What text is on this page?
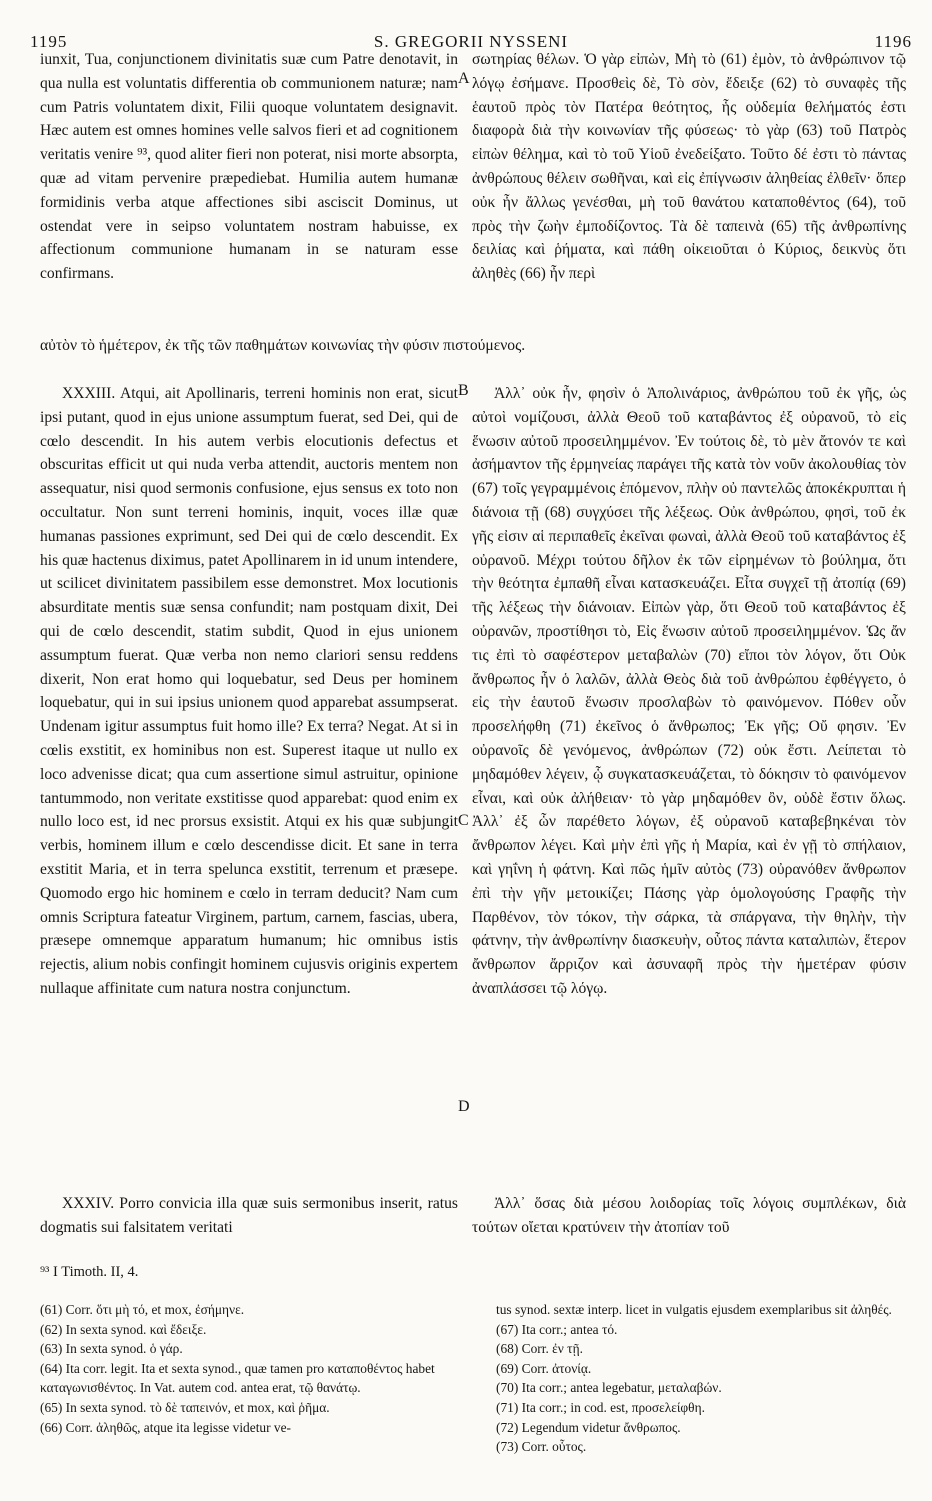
1195	S. GREGORII NYSSENI	1196

iunxit, Tua, conjunctionem divinitatis suæ cum Patre denotavit, in qua nulla est voluntatis differentia ob communionem naturæ; nam cum Patris voluntatem dixit, Filii quoque voluntatem designavit. Hæc autem est omnes homines velle salvos fieri et ad cognitionem veritatis venire ⁹³, quod aliter fieri non poterat, nisi morte absorpta, quæ ad vitam pervenire præpediebat. Humilia autem humanæ formidinis verba atque affectiones sibi asciscit Dominus, ut ostendat vere in seipso voluntatem nostram habuisse, ex affectionum communione humanam in se naturam esse confirmans.

σωτηρίας θέλων. Ὁ γὰρ εἰπὼν, Μὴ τὸ (61) ἐμὸν, τὸ ἀνθρώπινον τῷ λόγῳ ἐσήμανε. Προσθεὶς δὲ, Τὸ σὸν, ἔδειξε (62) τὸ συναφὲς τῆς ἑαυτοῦ πρὸς τὸν Πατέρα θεότητος, ἧς οὐδεμία θελήματός ἐστι διαφορὰ διὰ τὴν κοινωνίαν τῆς φύσεως· τὸ γὰρ (63) τοῦ Πατρὸς εἰπὼν θέλημα, καὶ τὸ τοῦ Υἱοῦ ἐνεδείξατο. Τοῦτο δέ ἐστι τὸ πάντας ἀνθρώπους θέλειν σωθῆναι, καὶ εἰς ἐπίγνωσιν ἀληθείας ἐλθεῖν· ὅπερ οὐκ ἦν ἄλλως γενέσθαι, μὴ τοῦ θανάτου καταποθέντος (64), τοῦ πρὸς τὴν ζωὴν ἐμποδίζοντος. Τὰ δὲ ταπεινὰ (65) τῆς ἀνθρωπίνης δειλίας καὶ ῥήματα, καὶ πάθη οἰκειοῦται ὁ Κύριος, δεικνὺς ὅτι ἀληθὲς (66) ἦν περὶ

αὐτὸν τὸ ἡμέτερον, ἐκ τῆς τῶν παθημάτων κοινωνίας τὴν φύσιν πιστούμενος.

XXXIII. Atqui, ait Apollinaris, terreni hominis non erat, sicut ipsi putant, quod in ejus unione assumptum fuerat, sed Dei, qui de cœlo descendit. In his autem verbis elocutionis defectus et obscuritas efficit ut qui nuda verba attendit, auctoris mentem non assequatur, nisi quod sermonis confusione, ejus sensus ex toto non occultatur. Non sunt terreni hominis, inquit, voces illæ quæ humanas passiones exprimunt, sed Dei qui de cœlo descendit. Ex his quæ hactenus diximus, patet Apollinarem in id unum intendere, ut scilicet divinitatem passibilem esse demonstret. Mox locutionis absurditate mentis suæ sensa confundit; nam postquam dixit, Dei qui de cœlo descendit, statim subdit, Quod in ejus unionem assumptum fuerat. Quæ verba non nemo clariori sensu reddens dixerit, Non erat homo qui loquebatur, sed Deus per hominem loquebatur, qui in sui ipsius unionem quod apparebat assumpserat. Undenam igitur assumptus fuit homo ille? Ex terra? Negat. At si in cœlis exstitit, ex hominibus non est. Superest itaque ut nullo ex loco advenisse dicat; qua cum assertione simul astruitur, opinione tantummodo, non veritate exstitisse quod apparebat: quod enim ex nullo loco est, id nec prorsus exsistit. Atqui ex his quæ subjungit verbis, hominem illum e cœlo descendisse dicit. Et sane in terra exstitit Maria, et in terra spelunca exstitit, terrenum et præsepe. Quomodo ergo hic hominem e cœlo in terram deducit? Nam cum omnis Scriptura fateatur Virginem, partum, carnem, fascias, ubera, præsepe omnemque apparatum humanum; hic omnibus istis rejectis, alium nobis confingit hominem cujusvis originis expertem nullaque affinitate cum natura nostra conjunctum.

Ἀλλ᾽ οὐκ ἦν, φησὶν ὁ Ἀπολινάριος, ἀνθρώπου τοῦ ἐκ γῆς, ὡς αὐτοὶ νομίζουσι, ἀλλὰ Θεοῦ τοῦ καταβάντος ἐξ οὐρανοῦ, τὸ εἰς ἕνωσιν αὐτοῦ προσειλημμένον. Ἐν τούτοις δὲ, τὸ μὲν ἄτονόν τε καὶ ἀσήμαντον τῆς ἑρμηνείας παράγει τῆς κατὰ τὸν νοῦν ἀκολουθίας τὸν (67) τοῖς γεγραμμένοις ἑπόμενον, πλὴν οὐ παντελῶς ἀποκέκρυπται ἡ διάνοια τῇ (68) συγχύσει τῆς λέξεως. Οὐκ ἀνθρώπου, φησὶ, τοῦ ἐκ γῆς εἰσιν αἱ περιπαθεῖς ἐκεῖναι φωναὶ, ἀλλὰ Θεοῦ τοῦ καταβάντος ἐξ οὐρανοῦ. Μέχρι τούτου δῆλον ἐκ τῶν εἰρημένων τὸ βούλημα, ὅτι τὴν θεότητα ἐμπαθῆ εἶναι κατασκευάζει. Εἶτα συγχεῖ τῇ ἀτοπίᾳ (69) τῆς λέξεως τὴν διάνοιαν. Εἰπὼν γὰρ, ὅτι Θεοῦ τοῦ καταβάντος ἐξ οὐρανῶν, προστίθησι τὸ, Εἰς ἕνωσιν αὐτοῦ προσειλημμένον. Ὡς ἄν τις ἐπὶ τὸ σαφέστερον μεταβαλὼν (70) εἴποι τὸν λόγον, ὅτι Οὐκ ἄνθρωπος ἦν ὁ λαλῶν, ἀλλὰ Θεὸς διὰ τοῦ ἀνθρώπου ἐφθέγγετο, ὁ εἰς τὴν ἑαυτοῦ ἕνωσιν προσλαβὼν τὸ φαινόμενον. Πόθεν οὖν προσελήφθη (71) ἐκεῖνος ὁ ἄνθρωπος; Ἐκ γῆς; Οὔ φησιν. Ἐν οὐρανοῖς δὲ γενόμενος, ἀνθρώπων (72) οὐκ ἔστι. Λείπεται τὸ μηδαμόθεν λέγειν, ᾧ συγκατασκευάζεται, τὸ δόκησιν τὸ φαινόμενον εἶναι, καὶ οὐκ ἀλήθειαν· τὸ γὰρ μηδαμόθεν ὂν, οὐδὲ ἔστιν ὅλως. Ἀλλ᾽ ἐξ ὧν παρέθετο λόγων, ἐξ οὐρανοῦ καταβεβηκέναι τὸν ἄνθρωπον λέγει. Καὶ μὴν ἐπὶ γῆς ἡ Μαρία, καὶ ἐν γῇ τὸ σπήλαιον, καὶ γηΐνη ἡ φάτνη. Καὶ πῶς ἡμῖν αὐτὸς (73) οὐρανόθεν ἄνθρωπον ἐπὶ τὴν γῆν μετοικίζει; Πάσης γὰρ ὁμολογούσης Γραφῆς τὴν Παρθένον, τὸν τόκον, τὴν σάρκα, τὰ σπάργανα, τὴν θηλὴν, τὴν φάτνην, τὴν ἀνθρωπίνην διασκευὴν, οὗτος πάντα καταλιπὼν, ἕτερον ἄνθρωπον ἄρριζον καὶ ἀσυναφῆ πρὸς τὴν ἡμετέραν φύσιν ἀναπλάσσει τῷ λόγῳ.

XXXIV. Porro convicia illa quæ suis sermonibus inserit, ratus dogmatis sui falsitatem veritati

Ἀλλ᾽ ὅσας διὰ μέσου λοιδορίας τοῖς λόγοις συμπλέκων, διὰ τούτων οἴεται κρατύνειν τὴν ἀτοπίαν τοῦ

A
B
C
D
⁹³ I Timoth. II, 4.

(61) Corr. ὅτι μὴ τό, et mox, ἐσήμηνε.

(62) In sexta synod. καὶ ἔδειξε.

(63) In sexta synod. ὁ γάρ.

(64) Ita corr. legit. Ita et sexta synod., quæ tamen pro καταποθέντος habet καταγωνισθέντος. In Vat. autem cod. antea erat, τῷ θανάτῳ.

(65) In sexta synod. τὸ δὲ ταπεινόν, et mox, καὶ ῥῆμα.

(66) Corr. ἀληθῶς, atque ita legisse videtur ve-

tus synod. sextæ interp. licet in vulgatis ejusdem exemplaribus sit ἀληθές.

(67) Ita corr.; antea τό.

(68) Corr. ἐν τῇ.

(69) Corr. ἀτονίᾳ.

(70) Ita corr.; antea legebatur, μεταλαβών.

(71) Ita corr.; in cod. est, προσελείφθη.

(72) Legendum videtur ἄνθρωπος.

(73) Corr. οὗτος.
